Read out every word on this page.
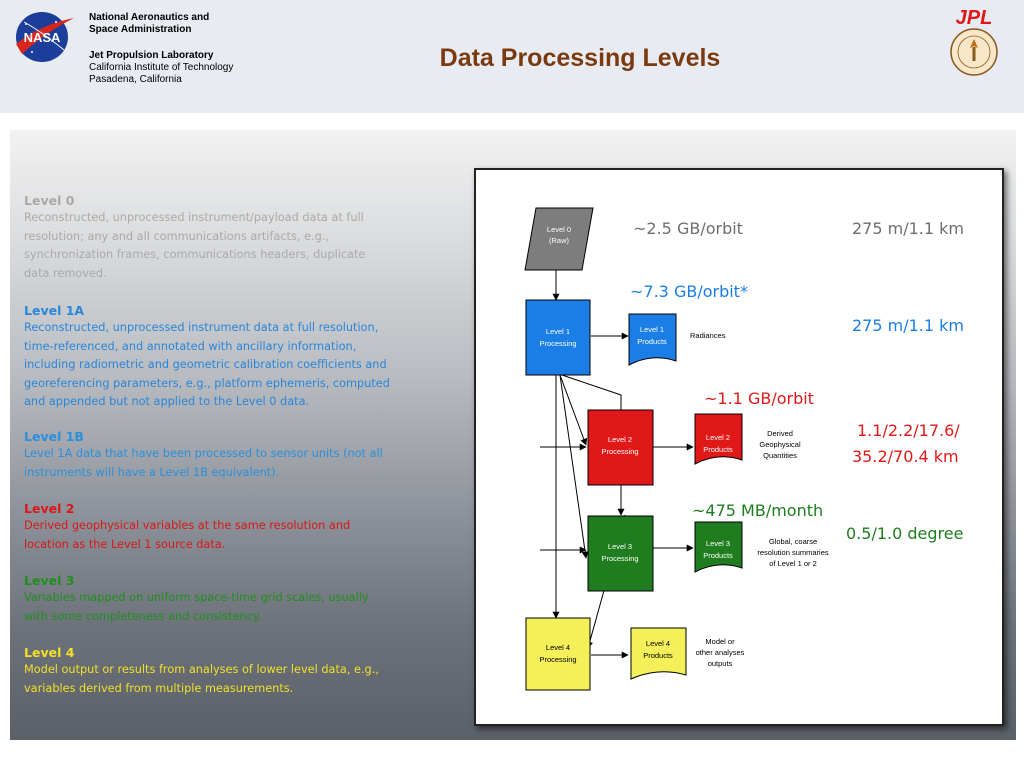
NASA
National Aeronautics and
Space Administration
Jet Propulsion Laboratory
California Institute of Technology
Pasadena, California
Data Processing Levels
JPL
Level 0
Reconstructed, unprocessed instrument/payload data at full
resolution; any and all communications artifacts, e.g.,
synchronization frames, communications headers, duplicate
data removed.
Level 1A
Reconstructed, unprocessed instrument data at full resolution,
time-referenced, and annotated with ancillary information,
including radiometric and geometric calibration coefficients and
georeferencing parameters, e.g., platform ephemeris, computed
and appended but not applied to the Level 0 data.
Level 1B
Level 1A data that have been processed to sensor units (not all
instruments will have a Level 1B equivalent).
Level 2
Derived geophysical variables at the same resolution and
location as the Level 1 source data.
Level 3
Variables mapped on uniform space-time grid scales, usually
with some completeness and consistency.
Level 4
Model output or results from analyses of lower level data, e.g.,
variables derived from multiple measurements.
Level 0
(Raw)
Level 1
Processing
Level 1
Products
Radiances
Level 2
Processing
Level 2
Products
Derived
Geophysical
Quantities
Level 3
Processing
Level 3
Products
Global, coarse
resolution summaries
of Level 1 or 2
Level 4
Processing
Level 4
Products
Model or
other analyses
outputs
~2.5 GB/orbit
~7.3 GB/orbit*
~1.1 GB/orbit
~475 MB/month
275 m/1.1 km
275 m/1.1 km
1.1/2.2/17.6/
35.2/70.4 km
0.5/1.0 degree
